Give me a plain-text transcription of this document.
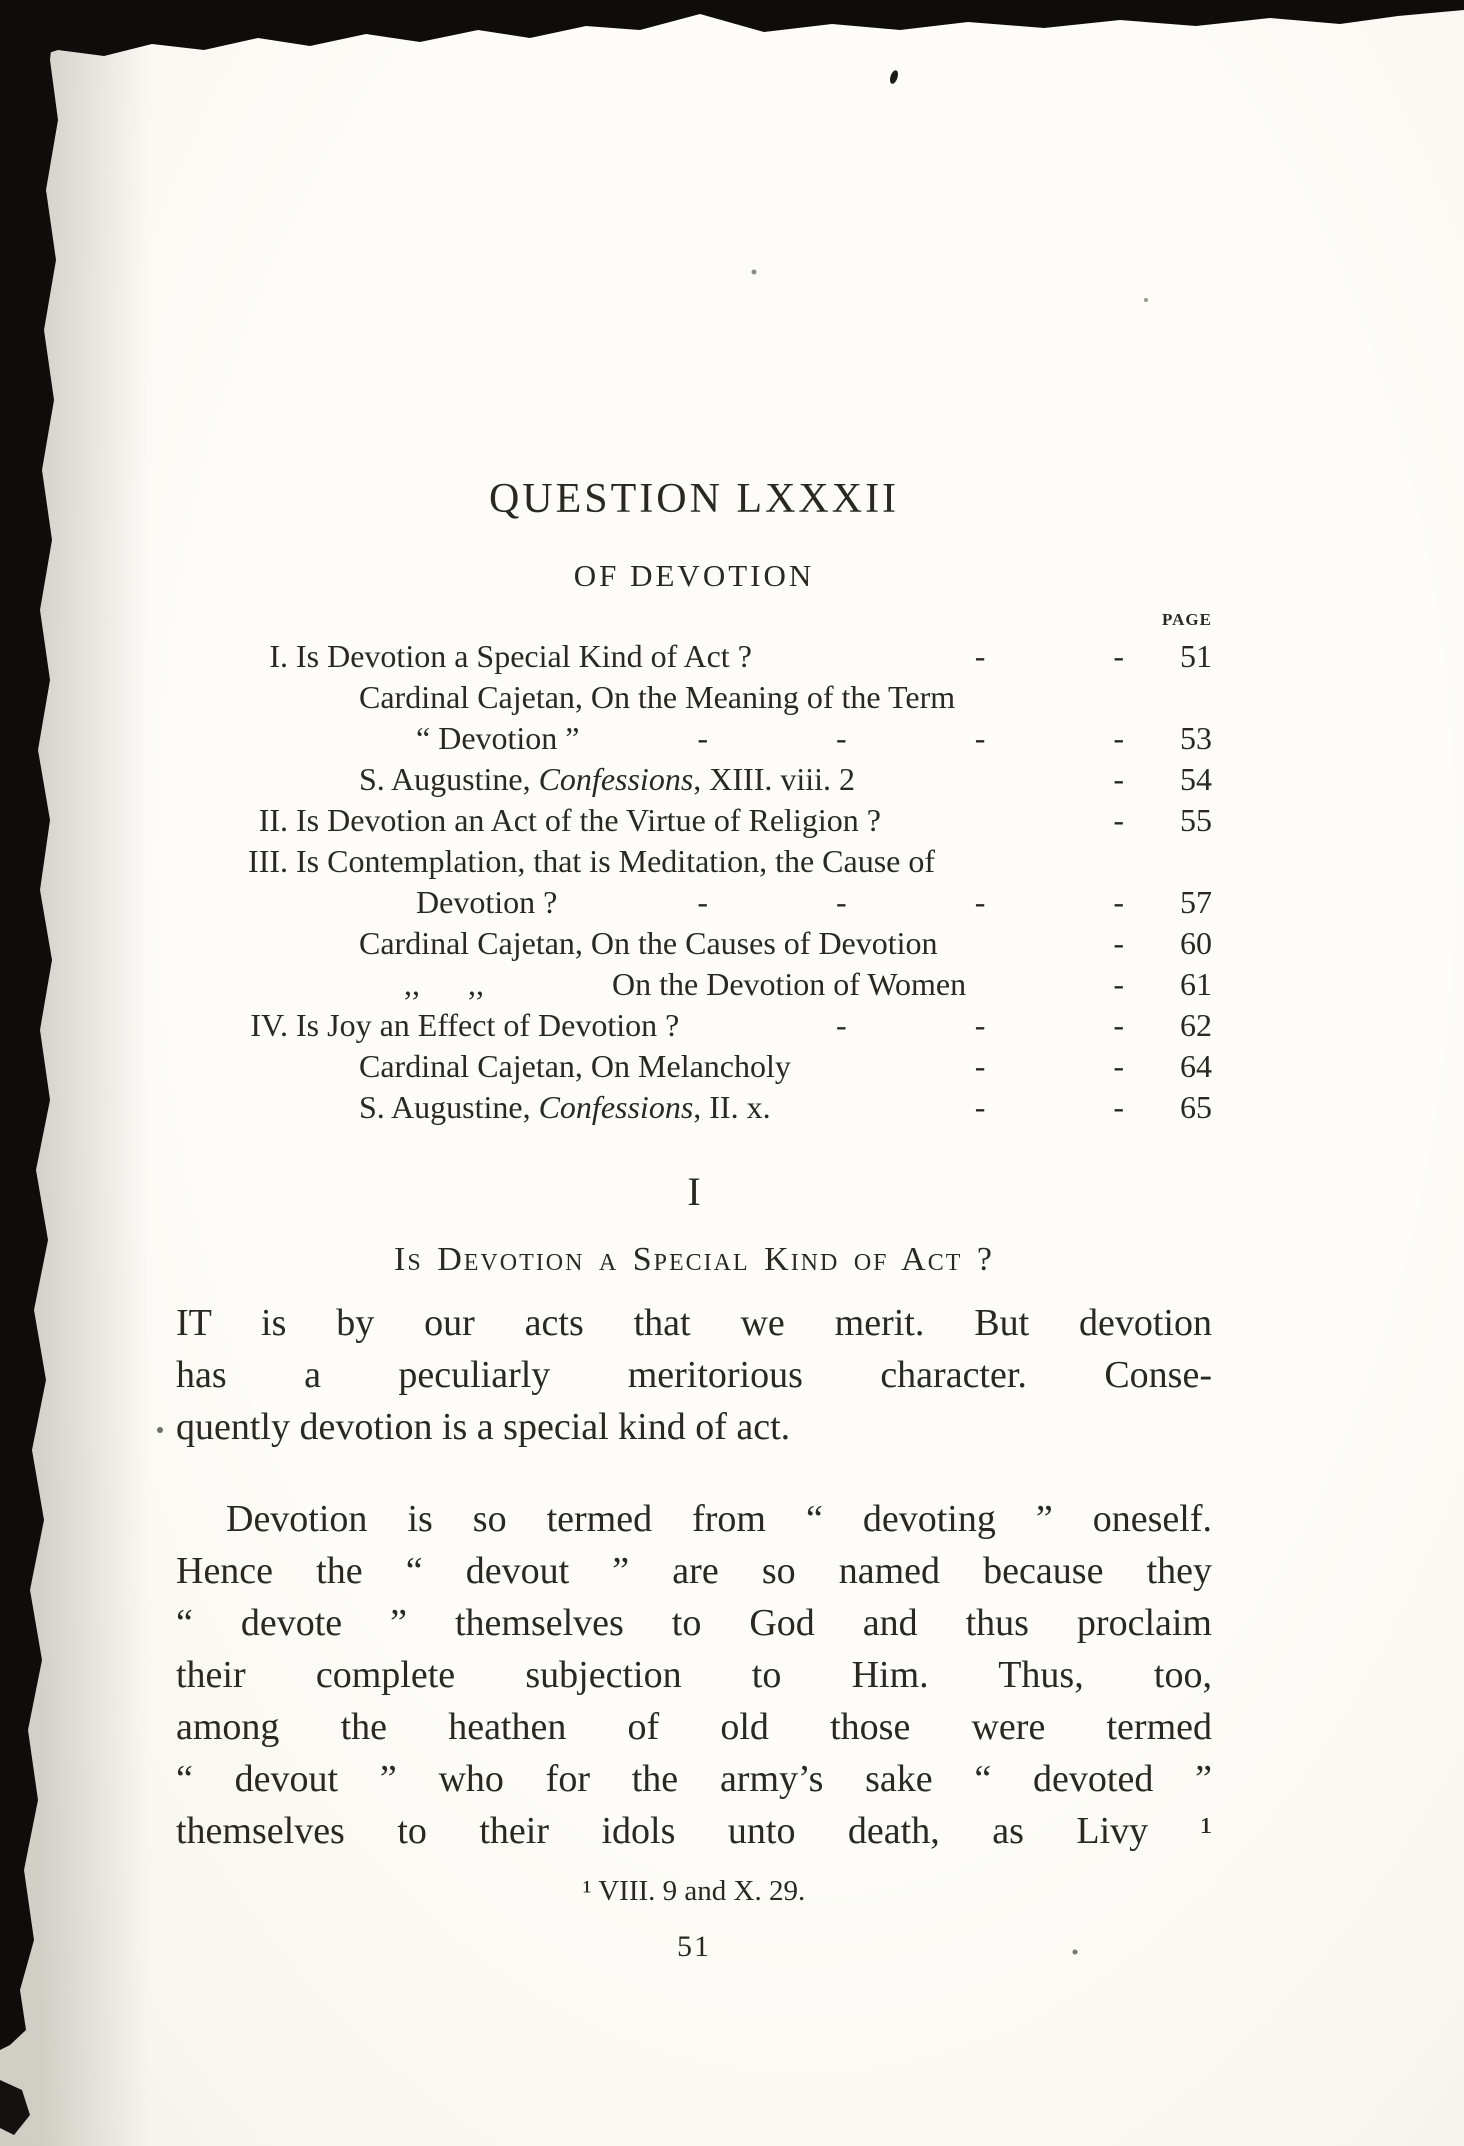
QUESTION LXXXII
OF DEVOTION
PAGE
I. Is Devotion a Special Kind of Act ?	-    - 	51
Cardinal Cajetan, On the Meaning of the Term
“ Devotion ”	-    -    -    - 	53
S. Augustine, Confessions, XIII. viii. 2	- 	54
II. Is Devotion an Act of the Virtue of Religion ?	- 	55
III. Is Contemplation, that is Meditation, the Cause of
Devotion ?	-    -    -    - 	57
Cardinal Cajetan, On the Causes of Devotion	- 	60
,,  ,,    On the Devotion of Women	- 	61
IV. Is Joy an Effect of Devotion ?	-    -    - 	62
Cardinal Cajetan, On Melancholy	-    - 	64
S. Augustine, Confessions, II. x.	-    - 	65
I
Is Devotion a Special Kind of Act ?
IT is by our acts that we merit. But devotion
has a peculiarly meritorious character. Conse-
quently devotion is a special kind of act.
Devotion is so termed from “ devoting ” oneself.
Hence the “ devout ” are so named because they
“ devote ” themselves to God and thus proclaim
their complete subjection to Him. Thus, too,
among the heathen of old those were termed
“ devout ” who for the army’s sake “ devoted ”
themselves to their idols unto death, as Livy ¹
¹ VIII. 9 and X. 29.
51
